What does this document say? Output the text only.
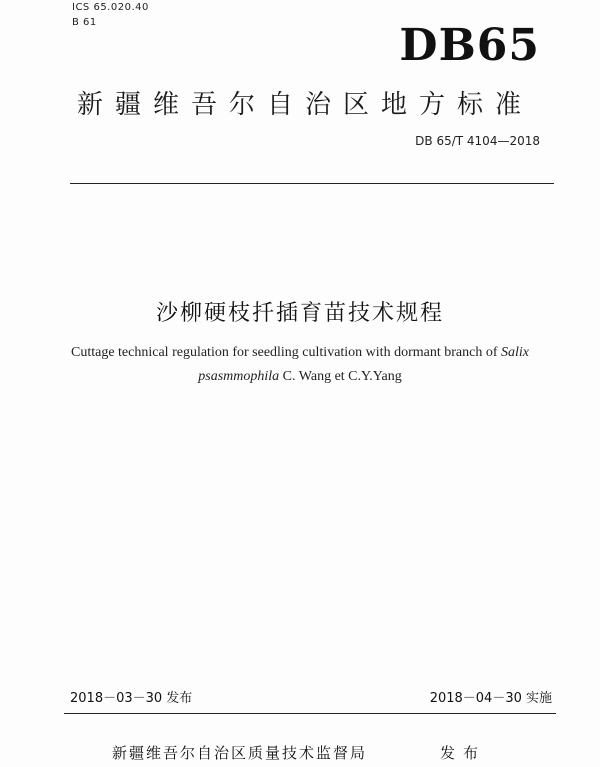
ICS 65.020.40
B 61	DB65
新疆维吾尔自治区地方标准
DB 65/T 4104—2018
沙柳硬枝扦插育苗技术规程
Cuttage technical regulation for seedling cultivation with dormant branch of Salix
psasmmophila C. Wang et C.Y.Yang
2018－03－30 发布	2018－04－30 实施
新疆维吾尔自治区质量技术监督局	发布
